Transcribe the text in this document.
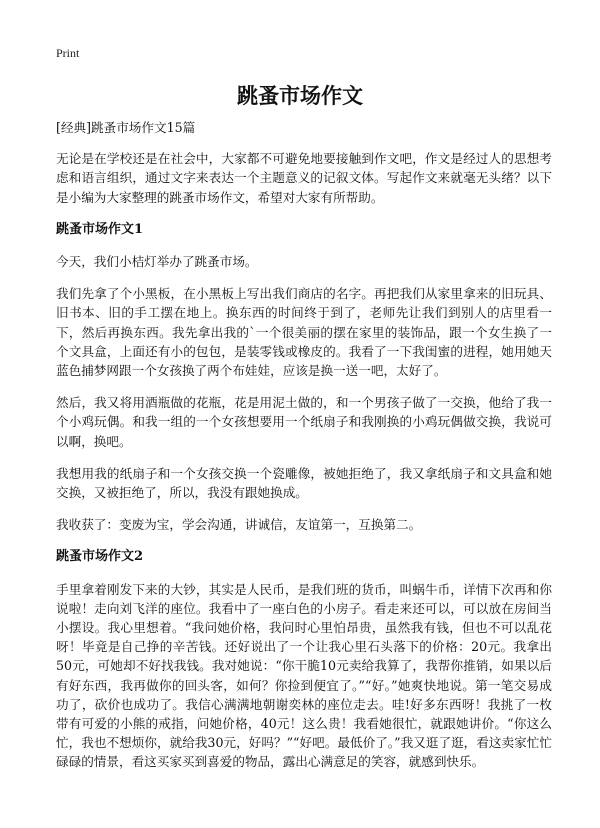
Print
跳蚤市场作文

[经典]跳蚤市场作文15篇

无论是在学校还是在社会中，大家都不可避免地要接触到作文吧，作文是经过人的思想考虑和语言组织，通过文字来表达一个主题意义的记叙文体。写起作文来就毫无头绪？以下是小编为大家整理的跳蚤市场作文，希望对大家有所帮助。

跳蚤市场作文1

今天，我们小桔灯举办了跳蚤市场。

我们先拿了个小黑板，在小黑板上写出我们商店的名字。再把我们从家里拿来的旧玩具、旧书本、旧的手工摆在地上。换东西的时间终于到了，老师先让我们到别人的店里看一下，然后再换东西。我先拿出我的`一个很美丽的摆在家里的装饰品，跟一个女生换了一个文具盒，上面还有小的包包，是装零钱或橡皮的。我看了一下我闺蜜的进程，她用她天蓝色捕梦网跟一个女孩换了两个布娃娃，应该是换一送一吧，太好了。

然后，我又将用酒瓶做的花瓶，花是用泥土做的，和一个男孩子做了一交换，他给了我一个小鸡玩偶。和我一组的一个女孩想要用一个纸扇子和我刚换的小鸡玩偶做交换，我说可以啊，换吧。

我想用我的纸扇子和一个女孩交换一个瓷雕像，被她拒绝了，我又拿纸扇子和文具盒和她交换，又被拒绝了，所以，我没有跟她换成。

我收获了：变废为宝，学会沟通，讲诚信，友谊第一，互换第二。

跳蚤市场作文2

手里拿着刚发下来的大钞，其实是人民币，是我们班的货币，叫蜗牛币，详情下次再和你说啦！走向刘飞洋的座位。我看中了一座白色的小房子。看走来还可以，可以放在房间当小摆设。我心里想着。“我问她价格，我问时心里怕昂贵，虽然我有钱，但也不可以乱花呀！毕竟是自己挣的辛苦钱。还好说出了一个让我心里石头落下的价格：20元。我拿出50元，可她却不好找我钱。我对她说：“你干脆10元卖给我算了，我帮你推销，如果以后有好东西，我再做你的回头客，如何？你捡到便宜了。”“好。”她爽快地说。第一笔交易成功了，砍价也成功了。我信心满满地朝谢奕林的座位走去。哇!好多东西呀！我挑了一枚带有可爱的小熊的戒指，问她价格，40元！这么贵！我看她很忙，就跟她讲价。“你这么忙，我也不想烦你，就给我30元，好吗？”“好吧。最低价了。”我又逛了逛，看这卖家忙忙碌碌的情景，看这买家买到喜爱的物品，露出心满意足的笑容，就感到快乐。
